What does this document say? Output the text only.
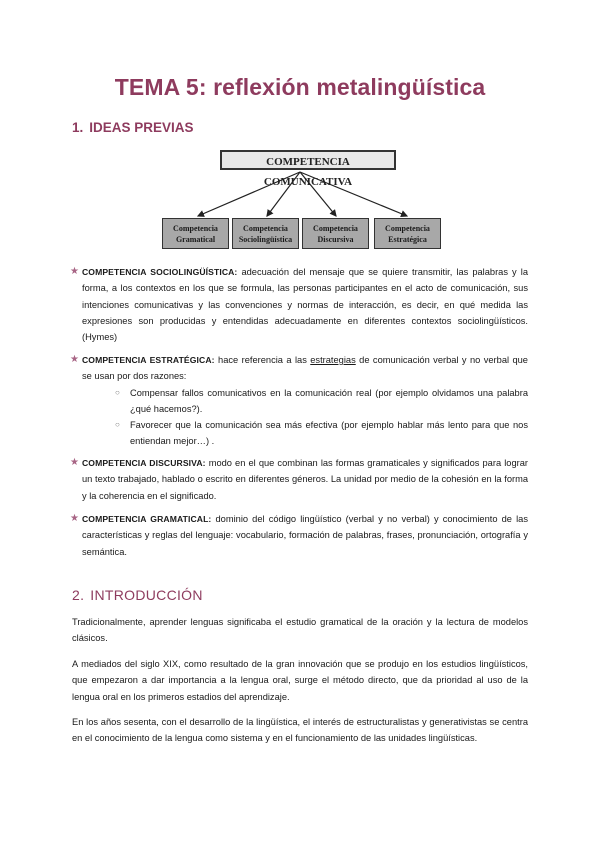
TEMA 5: reflexión metalingüística
1. IDEAS PREVIAS
COMPETENCIA COMUNICATIVA
Competencia
Gramatical
Competencia
Sociolingüística
Competencia
Discursiva
Competencia
Estratégica
★ COMPETENCIA SOCIOLINGÜÍSTICA: adecuación del mensaje que se quiere transmitir, las palabras y la forma, a los contextos en los que se formula, las personas participantes en el acto de comunicación, sus intenciones comunicativas y las convenciones y normas de interacción, es decir, en qué medida las expresiones son producidas y entendidas adecuadamente en diferentes contextos sociolingüísticos. (Hymes)
★ COMPETENCIA ESTRATÉGICA: hace referencia a las estrategias de comunicación verbal y no verbal que se usan por dos razones:
○ Compensar fallos comunicativos en la comunicación real (por ejemplo olvidamos una palabra ¿qué hacemos?).
○ Favorecer que la comunicación sea más efectiva (por ejemplo hablar más lento para que nos entiendan mejor…) .
★ COMPETENCIA DISCURSIVA: modo en el que combinan las formas gramaticales y significados para lograr un texto trabajado, hablado o escrito en diferentes géneros. La unidad por medio de la cohesión en la forma y la coherencia en el significado.
★ COMPETENCIA GRAMATICAL: dominio del código lingüístico (verbal y no verbal) y conocimiento de las características y reglas del lenguaje: vocabulario, formación de palabras, frases, pronunciación, ortografía y semántica.
2. INTRODUCCIÓN
Tradicionalmente, aprender lenguas significaba el estudio gramatical de la oración y la lectura de modelos clásicos.
A mediados del siglo XIX, como resultado de la gran innovación que se produjo en los estudios lingüísticos, que empezaron a dar importancia a la lengua oral, surge el método directo, que da prioridad al uso de la lengua oral en los primeros estadios del aprendizaje.
En los años sesenta, con el desarrollo de la lingüística, el interés de estructuralistas y generativistas se centra en el conocimiento de la lengua como sistema y en el funcionamiento de las unidades lingüísticas.
